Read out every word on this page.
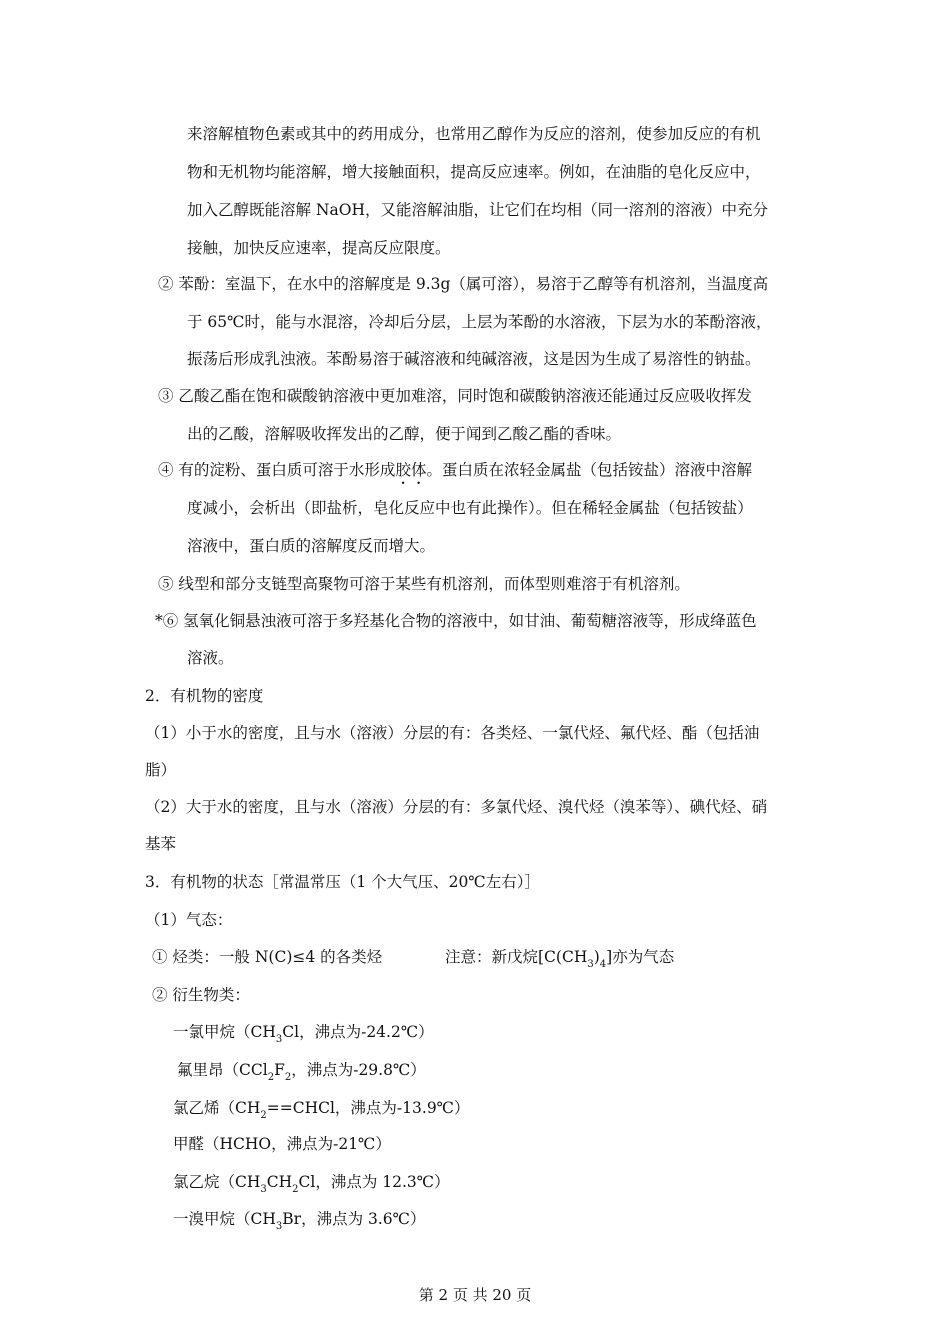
来溶解植物色素或其中的药用成分，也常用乙醇作为反应的溶剂，使参加反应的有机
物和无机物均能溶解，增大接触面积，提高反应速率。例如，在油脂的皂化反应中，
加入乙醇既能溶解 NaOH，又能溶解油脂，让它们在均相（同一溶剂的溶液）中充分
接触，加快反应速率，提高反应限度。
② 苯酚：室温下，在水中的溶解度是 9.3g（属可溶），易溶于乙醇等有机溶剂，当温度高
于 65℃时，能与水混溶，冷却后分层，上层为苯酚的水溶液，下层为水的苯酚溶液，
振荡后形成乳浊液。苯酚易溶于碱溶液和纯碱溶液，这是因为生成了易溶性的钠盐。
③ 乙酸乙酯在饱和碳酸钠溶液中更加难溶，同时饱和碳酸钠溶液还能通过反应吸收挥发
出的乙酸，溶解吸收挥发出的乙醇，便于闻到乙酸乙酯的香味。
④ 有的淀粉、蛋白质可溶于水形成胶体。蛋白质在浓轻金属盐（包括铵盐）溶液中溶解
度减小，会析出（即盐析，皂化反应中也有此操作）。但在稀轻金属盐（包括铵盐）
溶液中，蛋白质的溶解度反而增大。
⑤ 线型和部分支链型高聚物可溶于某些有机溶剂，而体型则难溶于有机溶剂。
*⑥ 氢氧化铜悬浊液可溶于多羟基化合物的溶液中，如甘油、葡萄糖溶液等，形成绛蓝色
溶液。
2．有机物的密度
（1）小于水的密度，且与水（溶液）分层的有：各类烃、一氯代烃、氟代烃、酯（包括油
脂）
（2）大于水的密度，且与水（溶液）分层的有：多氯代烃、溴代烃（溴苯等）、碘代烃、硝
基苯
3．有机物的状态［常温常压（1 个大气压、20℃左右）］
（1）气态：
① 烃类：一般 N(C)≤4 的各类烃	注意：新戊烷$[C(CH_3)_4]$亦为气态
② 衍生物类：
一氯甲烷（$CH_3Cl$，沸点为-24.2℃）
氟里昂（$CCl_2F_2$，沸点为-29.8℃）
氯乙烯（$CH_2==CHCl$，沸点为-13.9℃）
甲醛（HCHO，沸点为-21℃）
氯乙烷（$CH_3CH_2Cl$，沸点为 12.3℃）
一溴甲烷（$CH_3Br$，沸点为 3.6℃）
第 2 页 共 20 页
